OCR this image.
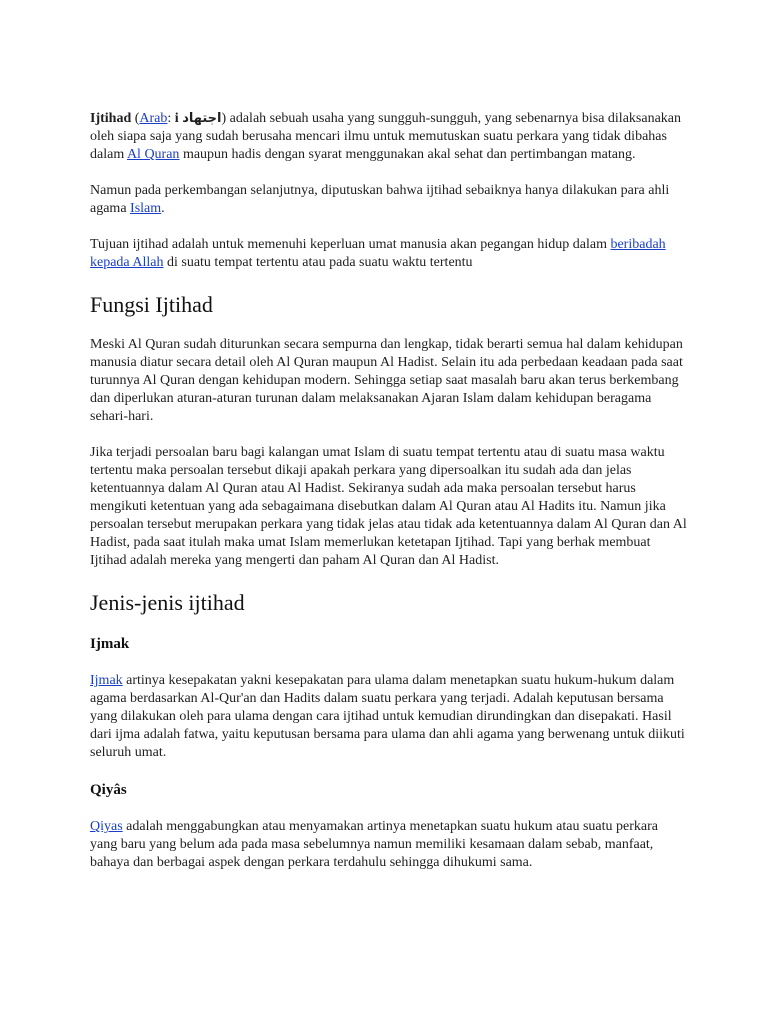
Ijtihad (Arab: i اجتهاد) adalah sebuah usaha yang sungguh-sungguh, yang sebenarnya bisa dilaksanakan oleh siapa saja yang sudah berusaha mencari ilmu untuk memutuskan suatu perkara yang tidak dibahas dalam Al Quran maupun hadis dengan syarat menggunakan akal sehat dan pertimbangan matang.

Namun pada perkembangan selanjutnya, diputuskan bahwa ijtihad sebaiknya hanya dilakukan para ahli agama Islam.

Tujuan ijtihad adalah untuk memenuhi keperluan umat manusia akan pegangan hidup dalam beribadah kepada Allah di suatu tempat tertentu atau pada suatu waktu tertentu

Fungsi Ijtihad

Meski Al Quran sudah diturunkan secara sempurna dan lengkap, tidak berarti semua hal dalam kehidupan manusia diatur secara detail oleh Al Quran maupun Al Hadist. Selain itu ada perbedaan keadaan pada saat turunnya Al Quran dengan kehidupan modern. Sehingga setiap saat masalah baru akan terus berkembang dan diperlukan aturan-aturan turunan dalam melaksanakan Ajaran Islam dalam kehidupan beragama sehari-hari.

Jika terjadi persoalan baru bagi kalangan umat Islam di suatu tempat tertentu atau di suatu masa waktu tertentu maka persoalan tersebut dikaji apakah perkara yang dipersoalkan itu sudah ada dan jelas ketentuannya dalam Al Quran atau Al Hadist. Sekiranya sudah ada maka persoalan tersebut harus mengikuti ketentuan yang ada sebagaimana disebutkan dalam Al Quran atau Al Hadits itu. Namun jika persoalan tersebut merupakan perkara yang tidak jelas atau tidak ada ketentuannya dalam Al Quran dan Al Hadist, pada saat itulah maka umat Islam memerlukan ketetapan Ijtihad. Tapi yang berhak membuat Ijtihad adalah mereka yang mengerti dan paham Al Quran dan Al Hadist.

Jenis-jenis ijtihad
Ijmak

Ijmak artinya kesepakatan yakni kesepakatan para ulama dalam menetapkan suatu hukum-hukum dalam agama berdasarkan Al-Qur'an dan Hadits dalam suatu perkara yang terjadi. Adalah keputusan bersama yang dilakukan oleh para ulama dengan cara ijtihad untuk kemudian dirundingkan dan disepakati. Hasil dari ijma adalah fatwa, yaitu keputusan bersama para ulama dan ahli agama yang berwenang untuk diikuti seluruh umat.

Qiyâs

Qiyas adalah menggabungkan atau menyamakan artinya menetapkan suatu hukum atau suatu perkara yang baru yang belum ada pada masa sebelumnya namun memiliki kesamaan dalam sebab, manfaat, bahaya dan berbagai aspek dengan perkara terdahulu sehingga dihukumi sama.
